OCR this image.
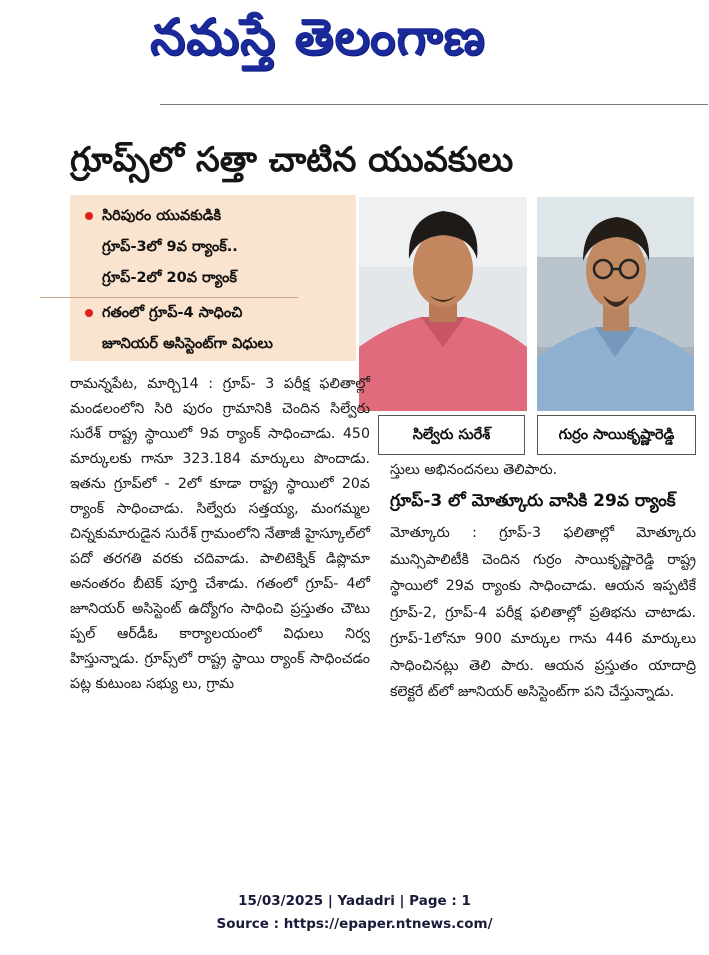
నమస్తే తెలంగాణ
గ్రూప్స్‌లో సత్తా చాటిన యువకులు
సిరిపురం యువకుడికి
గ్రూప్-3లో 9వ ర్యాంక్..
గ్రూప్-2లో 20వ ర్యాంక్
గతంలో గ్రూప్-4 సాధించి
జూనియర్ అసిస్టెంట్‌గా విధులు
సిల్వేరు సురేశ్	గుర్రం సాయికృష్ణారెడ్డి

రామన్నపేట, మార్చి14 : గ్రూప్- 3 పరీక్ష ఫలితాల్లో మండలంలోని సిరి పురం గ్రామానికి చెందిన సిల్వేరు సురేశ్ రాష్ట్ర స్థాయిలో 9వ ర్యాంక్ సాధించాడు. 450 మార్కులకు గానూ 323.184 మార్కులు పొందాడు. ఇతను గ్రూప్‌లో - 2లో కూడా రాష్ట్ర స్థాయిలో 20వ ర్యాంక్ సాధించాడు. సిల్వేరు సత్తయ్య, మంగమ్మల చిన్నకుమారుడైన సురేశ్ గ్రామంలోని నేతాజీ హైస్కూల్‌లో పదో తరగతి వరకు చదివాడు. పాలిటెక్నిక్ డిప్లొమా అనంతరం బీటెక్ పూర్తి చేశాడు. గతంలో గ్రూప్- 4లో జూనియర్ అసిస్టెంట్ ఉద్యోగం సాధించి ప్రస్తుతం చౌటు ప్పల్ ఆర్‌డీఓ కార్యాలయంలో విధులు నిర్వ హిస్తున్నాడు. గ్రూప్స్‌లో రాష్ట్ర స్థాయి ర్యాంక్ సాధించడం పట్ల కుటుంబ సభ్యు లు, గ్రామ

స్తులు అభినందనలు తెలిపారు.

గ్రూప్-3 లో మోత్కూరు వాసికి 29వ ర్యాంక్

మోత్కూరు : గ్రూప్-3 ఫలితాల్లో మోత్కూరు మున్సిపాలిటీకి చెందిన గుర్రం సాయికృష్ణారెడ్డి రాష్ట్ర స్థాయిలో 29వ ర్యాంకు సాధించాడు. ఆయన ఇప్పటికే గ్రూప్-2, గ్రూప్-4 పరీక్ష ఫలితాల్లో ప్రతిభను చాటాడు. గ్రూప్-1లోనూ 900 మార్కుల గాను 446 మార్కులు సాధించినట్లు తెలి పారు. ఆయన ప్రస్తుతం యాదాద్రి కలెక్టరే ట్‌లో జూనియర్ అసిస్టెంట్‌గా పని చేస్తున్నాడు.

15/03/2025 | Yadadri | Page : 1
Source : https://epaper.ntnews.com/
